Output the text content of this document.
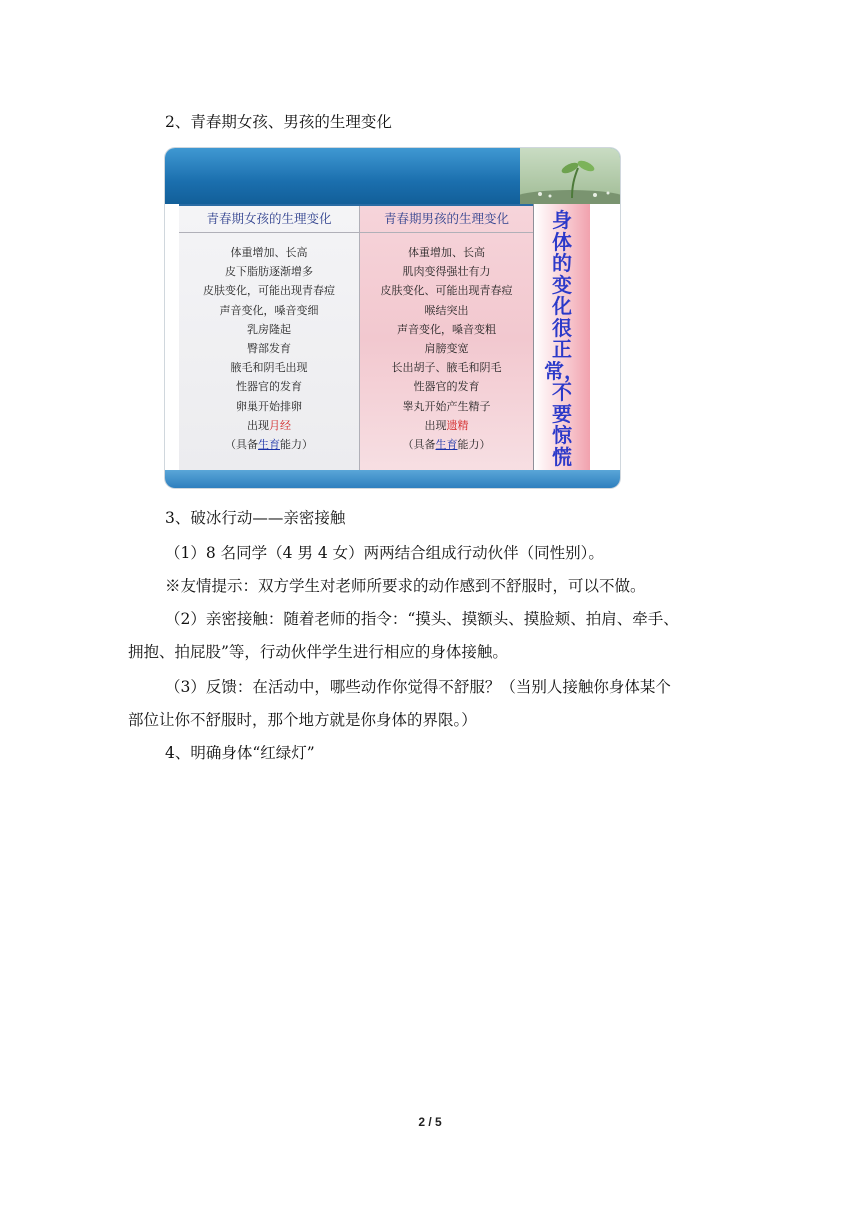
2、青春期女孩、男孩的生理变化
青春期女孩的生理变化
体重增加、长高
皮下脂肪逐渐增多
皮肤变化，可能出现青春痘
声音变化，嗓音变细
乳房隆起
臀部发育
腋毛和阴毛出现
性器官的发育
卵巢开始排卵
出现月经
（具备生育能力）
青春期男孩的生理变化
体重增加、长高
肌肉变得强壮有力
皮肤变化、可能出现青春痘
喉结突出
声音变化，嗓音变粗
肩膀变宽
长出胡子、腋毛和阴毛
性器官的发育
睾丸开始产生精子
出现遗精
（具备生育能力）
身体的变化很正常，不要惊慌
3、破冰行动——亲密接触
（1）8 名同学（4 男 4 女）两两结合组成行动伙伴（同性别）。
※友情提示：双方学生对老师所要求的动作感到不舒服时，可以不做。
（2）亲密接触：随着老师的指令：“摸头、摸额头、摸脸颊、拍肩、牵手、
拥抱、拍屁股”等，行动伙伴学生进行相应的身体接触。
（3）反馈：在活动中，哪些动作你觉得不舒服？（当别人接触你身体某个
部位让你不舒服时，那个地方就是你身体的界限。）
4、明确身体“红绿灯”
2 / 5
